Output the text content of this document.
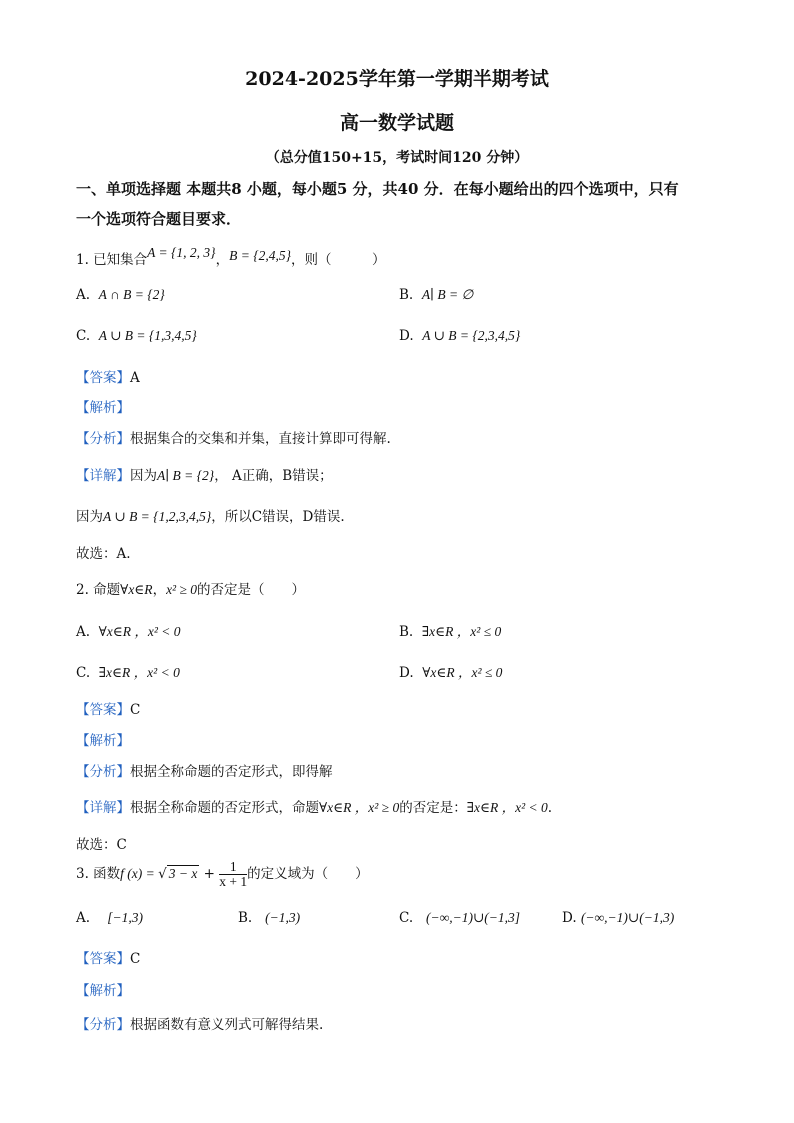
2024-2025学年第一学期半期考试
高一数学试题
（总分值150+15，考试时间120 分钟）
一、单项选择题 本题共8 小题，每小题5 分，共40 分．在每小题给出的四个选项中，只有
一个选项符合题目要求．
1. 已知集合A = {1, 2, 3}，B = {2,4,5}，则（　　　）
A. A ∩ B = {2}	B. A∣ B = ∅
C. A ∪ B = {1,3,4,5}	D. A ∪ B = {2,3,4,5}
【答案】A
【解析】
【分析】根据集合的交集和并集，直接计算即可得解.
【详解】因为A∣ B = {2}， A正确，B错误；
因为A ∪ B = {1,2,3,4,5}，所以C错误，D错误.
故选：A.
2. 命题∀x∈R，x² ≥ 0的否定是（　　）
A. ∀x∈R ，x² < 0	B. ∃x∈R ，x² ≤ 0
C. ∃x∈R ，x² < 0	D. ∀x∈R ，x² ≤ 0
【答案】C
【解析】
【分析】根据全称命题的否定形式，即得解
【详解】根据全称命题的否定形式，命题∀x∈R ，x² ≥ 0的否定是：∃x∈R ，x² < 0.
故选：C
3. 函数f (x) = √ $3 - x + \frac{1}{x + 1}$ 的定义域为（　　）
A. [−1,3)	B. (−1,3)	C. (−∞,−1)∪(−1,3]	D. (−∞,−1)∪(−1,3)
【答案】C
【解析】
【分析】根据函数有意义列式可解得结果.
